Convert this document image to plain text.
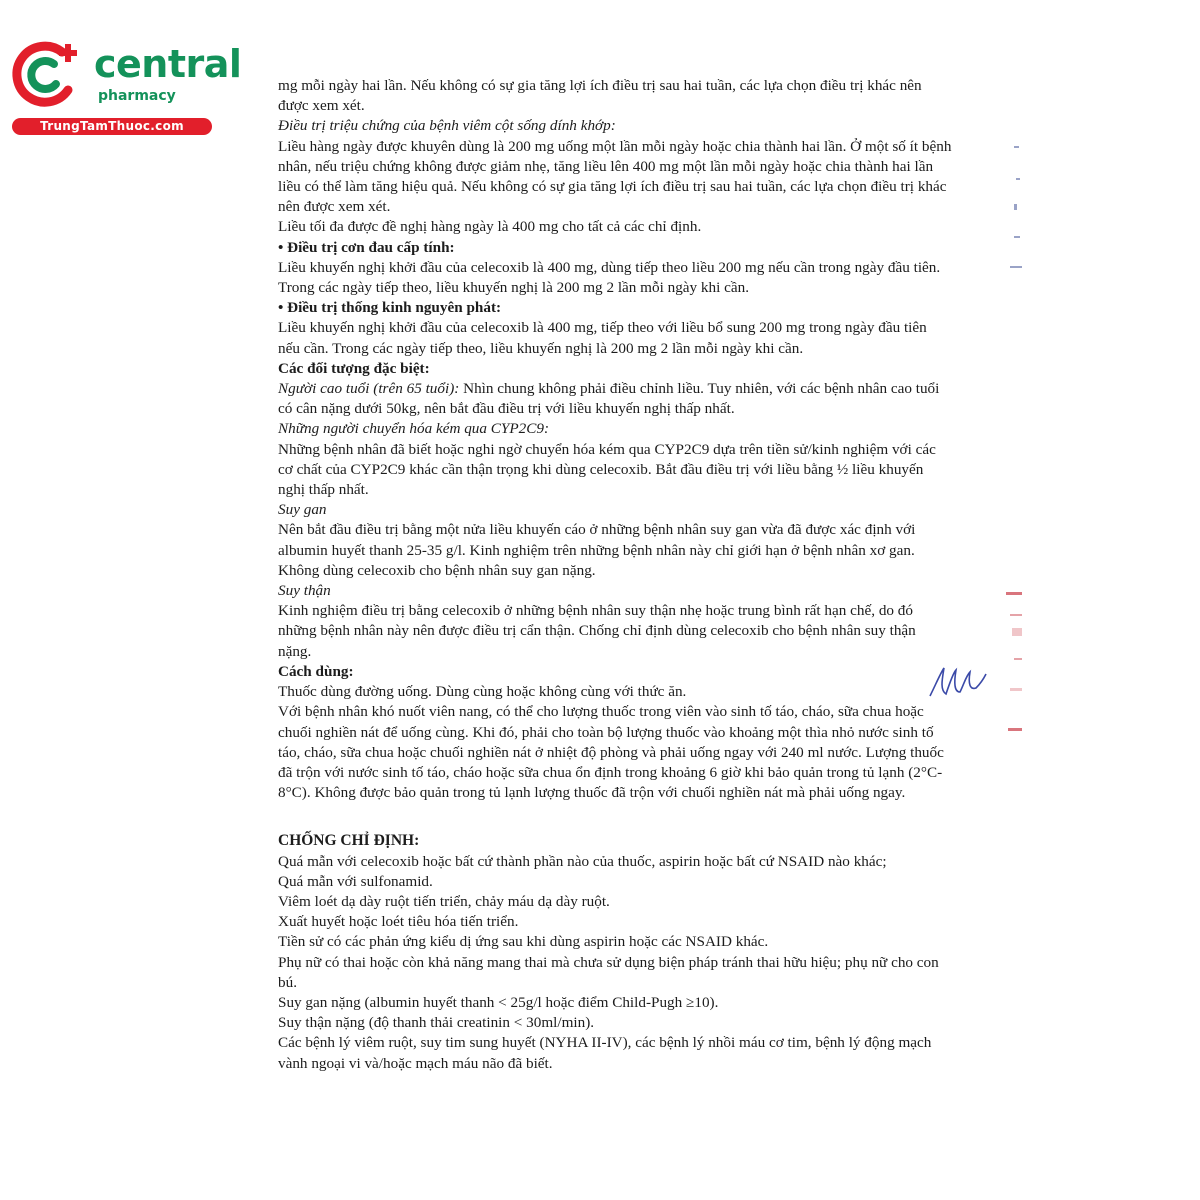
central
pharmacy
TrungTamThuoc.com

mg mỗi ngày hai lần. Nếu không có sự gia tăng lợi ích điều trị sau hai tuần, các lựa chọn điều trị khác nên được xem xét.

Điều trị triệu chứng của bệnh viêm cột sống dính khớp:

Liều hàng ngày được khuyên dùng là 200 mg uống một lần mỗi ngày hoặc chia thành hai lần. Ở một số ít bệnh nhân, nếu triệu chứng không được giảm nhẹ, tăng liều lên 400 mg một lần mỗi ngày hoặc chia thành hai lần liều có thể làm tăng hiệu quả. Nếu không có sự gia tăng lợi ích điều trị sau hai tuần, các lựa chọn điều trị khác nên được xem xét.

Liều tối đa được đề nghị hàng ngày là 400 mg cho tất cả các chỉ định.

• Điều trị cơn đau cấp tính:

Liều khuyến nghị khởi đầu của celecoxib là 400 mg, dùng tiếp theo liều 200 mg nếu cần trong ngày đầu tiên. Trong các ngày tiếp theo, liều khuyến nghị là 200 mg 2 lần mỗi ngày khi cần.

• Điều trị thống kinh nguyên phát:

Liều khuyến nghị khởi đầu của celecoxib là 400 mg, tiếp theo với liều bổ sung 200 mg trong ngày đầu tiên nếu cần. Trong các ngày tiếp theo, liều khuyến nghị là 200 mg 2 lần mỗi ngày khi cần.

Các đối tượng đặc biệt:

Người cao tuổi (trên 65 tuổi): Nhìn chung không phải điều chỉnh liều. Tuy nhiên, với các bệnh nhân cao tuổi có cân nặng dưới 50kg, nên bắt đầu điều trị với liều khuyến nghị thấp nhất.

Những người chuyển hóa kém qua CYP2C9:

Những bệnh nhân đã biết hoặc nghi ngờ chuyển hóa kém qua CYP2C9 dựa trên tiền sử/kinh nghiệm với các cơ chất của CYP2C9 khác cần thận trọng khi dùng celecoxib. Bắt đầu điều trị với liều bằng ½ liều khuyến nghị thấp nhất.

Suy gan

Nên bắt đầu điều trị bằng một nửa liều khuyến cáo ở những bệnh nhân suy gan vừa đã được xác định với albumin huyết thanh 25-35 g/l. Kinh nghiệm trên những bệnh nhân này chỉ giới hạn ở bệnh nhân xơ gan. Không dùng celecoxib cho bệnh nhân suy gan nặng.

Suy thận

Kinh nghiệm điều trị bằng celecoxib ở những bệnh nhân suy thận nhẹ hoặc trung bình rất hạn chế, do đó những bệnh nhân này nên được điều trị cẩn thận. Chống chỉ định dùng celecoxib cho bệnh nhân suy thận nặng.

Cách dùng:

Thuốc dùng đường uống. Dùng cùng hoặc không cùng với thức ăn.

Với bệnh nhân khó nuốt viên nang, có thể cho lượng thuốc trong viên vào sinh tố táo, cháo, sữa chua hoặc chuối nghiền nát để uống cùng. Khi đó, phải cho toàn bộ lượng thuốc vào khoảng một thìa nhỏ nước sinh tố táo, cháo, sữa chua hoặc chuối nghiền nát ở nhiệt độ phòng và phải uống ngay với 240 ml nước. Lượng thuốc đã trộn với nước sinh tố táo, cháo hoặc sữa chua ổn định trong khoảng 6 giờ khi bảo quản trong tủ lạnh (2°C-8°C). Không được bảo quản trong tủ lạnh lượng thuốc đã trộn với chuối nghiền nát mà phải uống ngay.

CHỐNG CHỈ ĐỊNH:

Quá mẫn với celecoxib hoặc bất cứ thành phần nào của thuốc, aspirin hoặc bất cứ NSAID nào khác;

Quá mẫn với sulfonamid.

Viêm loét dạ dày ruột tiến triển, chảy máu dạ dày ruột.

Xuất huyết hoặc loét tiêu hóa tiến triển.

Tiền sử có các phản ứng kiểu dị ứng sau khi dùng aspirin hoặc các NSAID khác.

Phụ nữ có thai hoặc còn khả năng mang thai mà chưa sử dụng biện pháp tránh thai hữu hiệu; phụ nữ cho con bú.

Suy gan nặng (albumin huyết thanh < 25g/l hoặc điểm Child-Pugh ≥10).

Suy thận nặng (độ thanh thải creatinin < 30ml/min).

Các bệnh lý viêm ruột, suy tim sung huyết (NYHA II-IV), các bệnh lý nhồi máu cơ tim, bệnh lý động mạch vành ngoại vi và/hoặc mạch máu não đã biết.
